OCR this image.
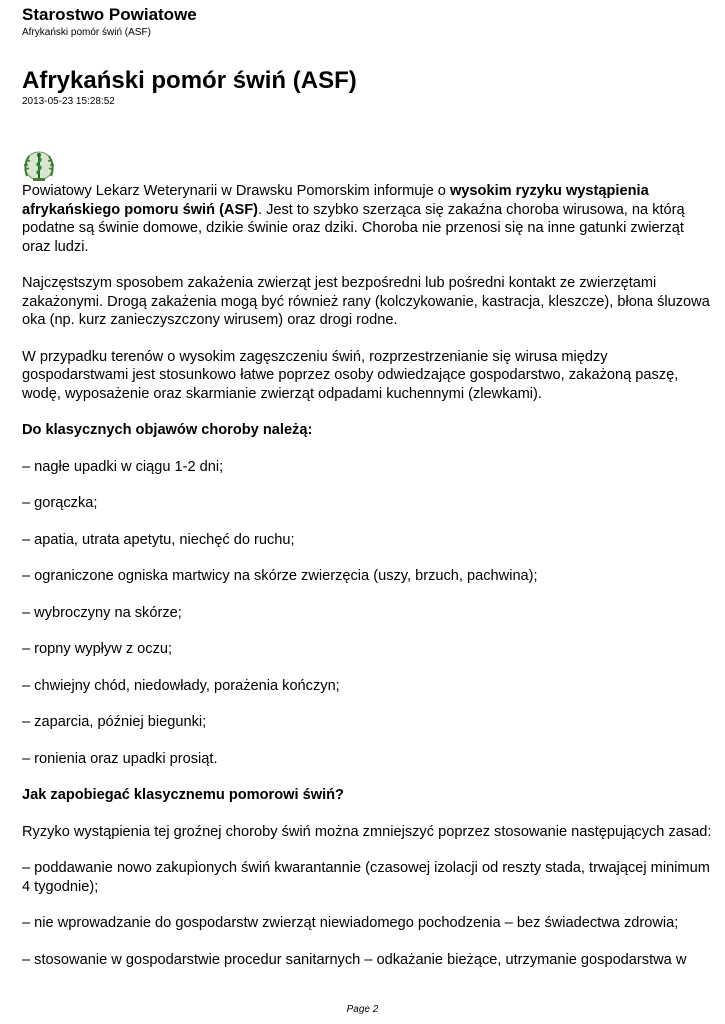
Starostwo Powiatowe
Afrykański pomór świń (ASF)
Afrykański pomór świń (ASF)
2013-05-23 15:28:52

Powiatowy Lekarz Weterynarii w Drawsku Pomorskim informuje o wysokim ryzyku wystąpienia afrykańskiego pomoru świń (ASF). Jest to szybko szerząca się zakaźna choroba wirusowa, na którą podatne są świnie domowe, dzikie świnie oraz dziki. Choroba nie przenosi się na inne gatunki zwierząt oraz ludzi.

Najczęstszym sposobem zakażenia zwierząt jest bezpośredni lub pośredni kontakt ze zwierzętami zakażonymi. Drogą zakażenia mogą być również rany (kolczykowanie, kastracja, kleszcze), błona śluzowa oka (np. kurz zanieczyszczony wirusem) oraz drogi rodne.

W przypadku terenów o wysokim zagęszczeniu świń, rozprzestrzenianie się wirusa między gospodarstwami jest stosunkowo łatwe poprzez osoby odwiedzające gospodarstwo, zakażoną paszę, wodę, wyposażenie oraz skarmianie zwierząt odpadami kuchennymi (zlewkami).

Do klasycznych objawów choroby należą:

– nagłe upadki w ciągu 1-2 dni;

– gorączka;

– apatia, utrata apetytu, niechęć do ruchu;

– ograniczone ogniska martwicy na skórze zwierzęcia (uszy, brzuch, pachwina);

– wybroczyny na skórze;

– ropny wypływ z oczu;

– chwiejny chód, niedowłady, porażenia kończyn;

– zaparcia, później biegunki;

– ronienia oraz upadki prosiąt.

Jak zapobiegać klasycznemu pomorowi świń?

Ryzyko wystąpienia tej groźnej choroby świń można zmniejszyć poprzez stosowanie następujących zasad:

– poddawanie nowo zakupionych świń kwarantannie (czasowej izolacji od reszty stada, trwającej minimum 4 tygodnie);

– nie wprowadzanie do gospodarstw zwierząt niewiadomego pochodzenia – bez świadectwa zdrowia;

– stosowanie w gospodarstwie procedur sanitarnych – odkażanie bieżące, utrzymanie gospodarstwa w

Page 2
